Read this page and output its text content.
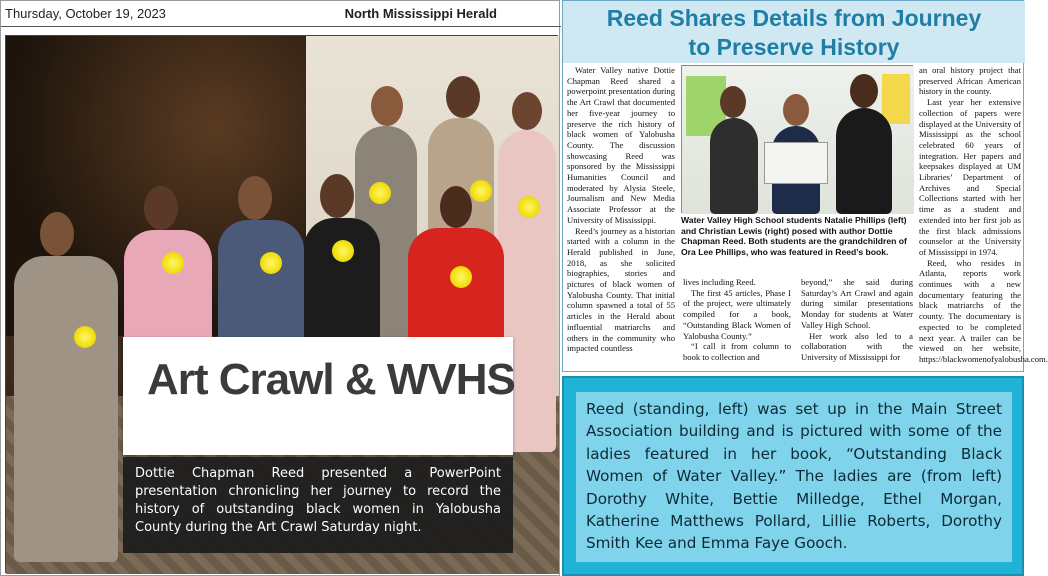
Thursday, October 19, 2023	North Mississippi Herald
Art Crawl & WVHS

Dottie Chapman Reed presented a PowerPoint presentation chronicling her journey to record the history of outstanding black women in Yalobusha County during the Art Crawl Saturday night.

Reed Shares Details from Journey
to Preserve History

Water Valley native Dottie Chapman Reed shared a powerpoint presentation during the Art Crawl that documented her five-year journey to preserve the rich history of black women of Yalobusha County. The discussion showcasing Reed was sponsored by the Mississippi Humanities Council and moderated by Alysia Steele, Journalism and New Media Associate Professor at the University of Mississippi.

Reed’s journey as a historian started with a column in the Herald published in June, 2018, as she solicited biographies, stories and pictures of black women of Yalobusha County. That initial column spawned a total of 55 articles in the Herald about influential matriarchs and others in the community who impacted countless

Water Valley High School students Natalie Phillips (left) and Christian Lewis (right) posed with author Dottie Chapman Reed. Both students are the grandchildren of Ora Lee Phillips, who was featured in Reed’s book.

lives including Reed.

The first 45 articles, Phase I of the project, were ultimately compiled for a book, “Outstanding Black Women of Yalobusha County.”

“I call it from column to book to collection and

beyond,” she said during Saturday’s Art Crawl and again during similar presentations Monday for students at Water Valley High School.

Her work also led to a collaboration with the University of Mississippi for

an oral history project that preserved African American history in the county.

Last year her extensive collection of papers were displayed at the University of Mississippi as the school celebrated 60 years of integration. Her papers and keepsakes displayed at UM Libraries’ Department of Archives and Special Collections started with her time as a student and extended into her first job as the first black admissions counselor at the University of Mississippi in 1974.

Reed, who resides in Atlanta, reports work continues with a new documentary featuring the black matriarchs of the county. The documentary is expected to be completed next year. A trailer can be viewed on her website, https://blackwomenofyalobusha.com.

Reed (standing, left) was set up in the Main Street Association building and is pictured with some of the ladies featured in her book, “Outstanding Black Women of Water Valley.” The ladies are (from left) Dorothy White, Bettie Milledge, Ethel Morgan, Katherine Matthews Pollard, Lillie Roberts, Dorothy Smith Kee and Emma Faye Gooch.
